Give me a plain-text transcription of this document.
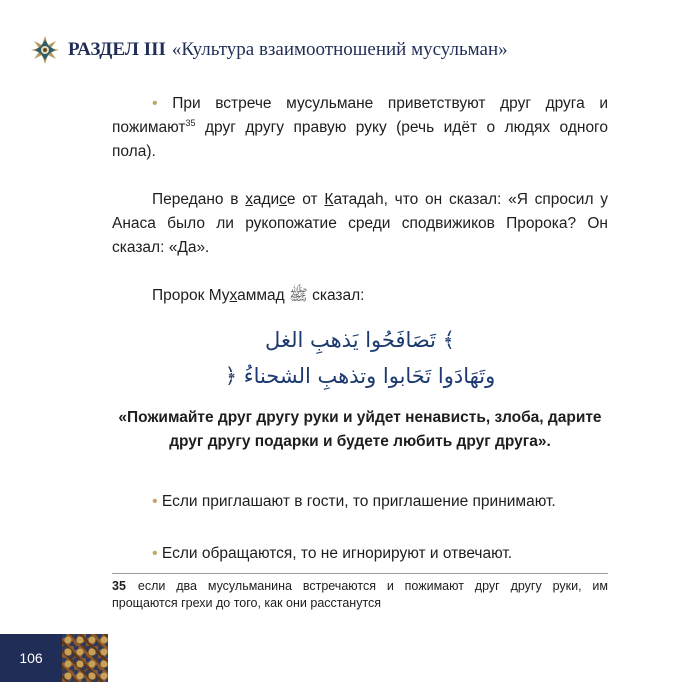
РАЗДЕЛ III «Культура взаимоотношений мусульман»

• При встрече мусульмане приветствуют друг друга и пожимают$^{35}$ друг другу правую руку (речь идёт о людях одного пола).

Передано в хадисе от Катадаh, что он сказал: «Я спросил у Анаса было ли рукопожатие среди сподвижиков Пророка? Он сказал: «Да».

Пророк Мухаммад ﷺ сказал:

﴾ تَصَافَحُوا يَذهبِ الغل
وتَهَادَوا تَحَابوا وتذهبِ الشحناءُ ﴿

«Пожимайте друг другу руки и уйдет ненависть, злоба, дарите друг другу подарки и будете любить друг друга».

• Если приглашают в гости, то приглашение принимают.

• Если обращаются, то не игнорируют и отвечают.

35 если два мусульманина встречаются и пожимают друг другу руки, им прощаются грехи до того, как они расстанутся
106
